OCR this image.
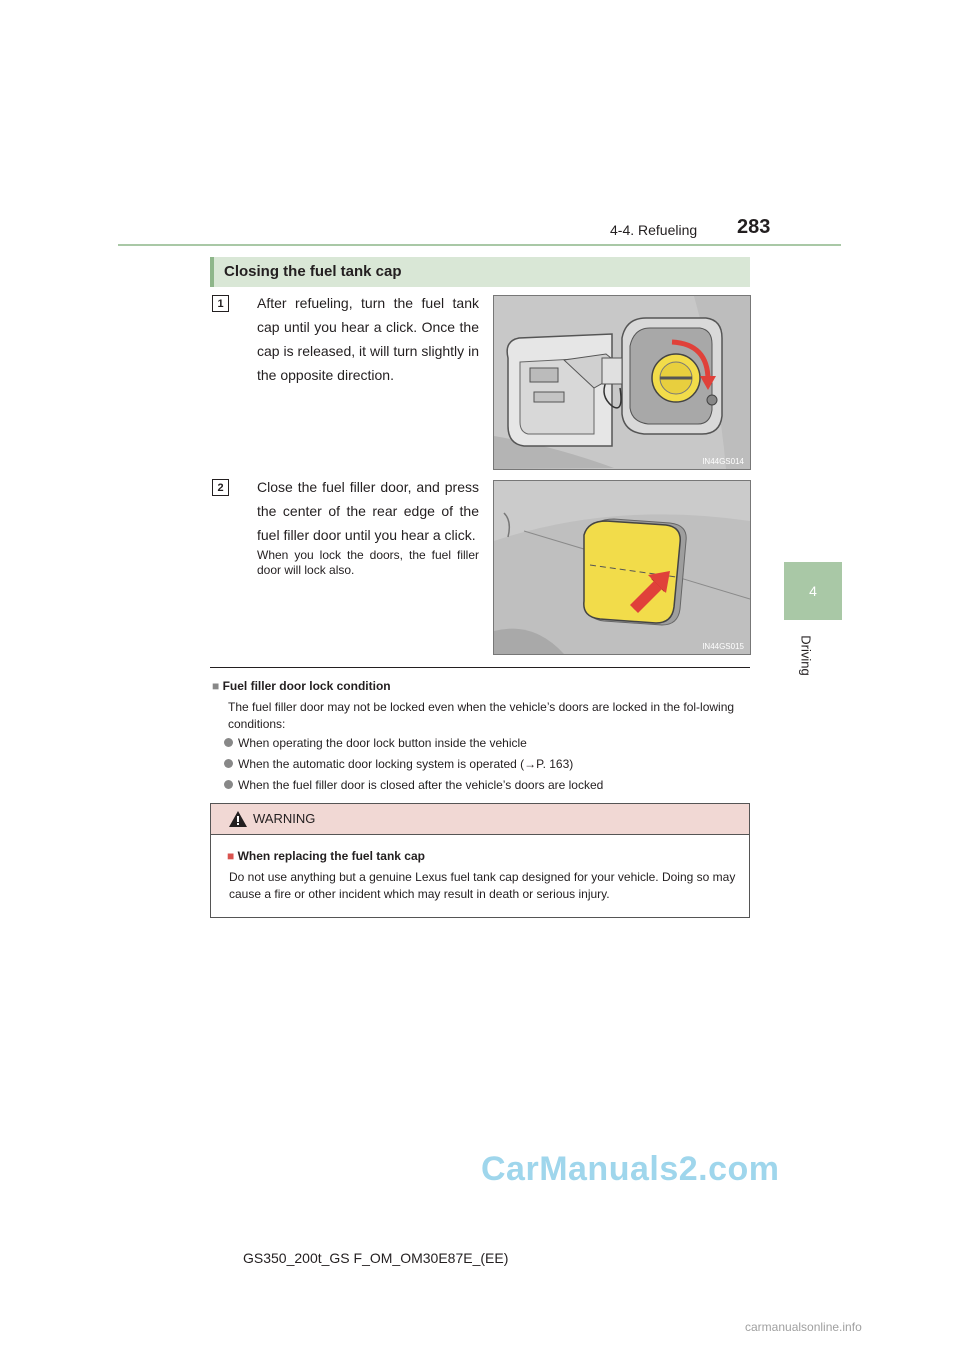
4-4. Refueling 283
4
Driving
Closing the fuel tank cap
1	After refueling, turn the fuel tank cap until you hear a click. Once the cap is released, it will turn slightly in the opposite direction.
IN44GS014
2	Close the fuel filler door, and press the center of the rear edge of the fuel filler door until you hear a click.
When you lock the doors, the fuel filler door will lock also.
IN44GS015
■ Fuel filler door lock condition
The fuel filler door may not be locked even when the vehicle’s doors are locked in the fol-lowing conditions:
When operating the door lock button inside the vehicle
When the automatic door locking system is operated (→P. 163)
When the fuel filler door is closed after the vehicle’s doors are locked
WARNING
■ When replacing the fuel tank cap
Do not use anything but a genuine Lexus fuel tank cap designed for your vehicle. Doing so may cause a fire or other incident which may result in death or serious injury.
GS350_200t_GS F_OM_OM30E87E_(EE)
CarManuals2.com
carmanualsonline.info
